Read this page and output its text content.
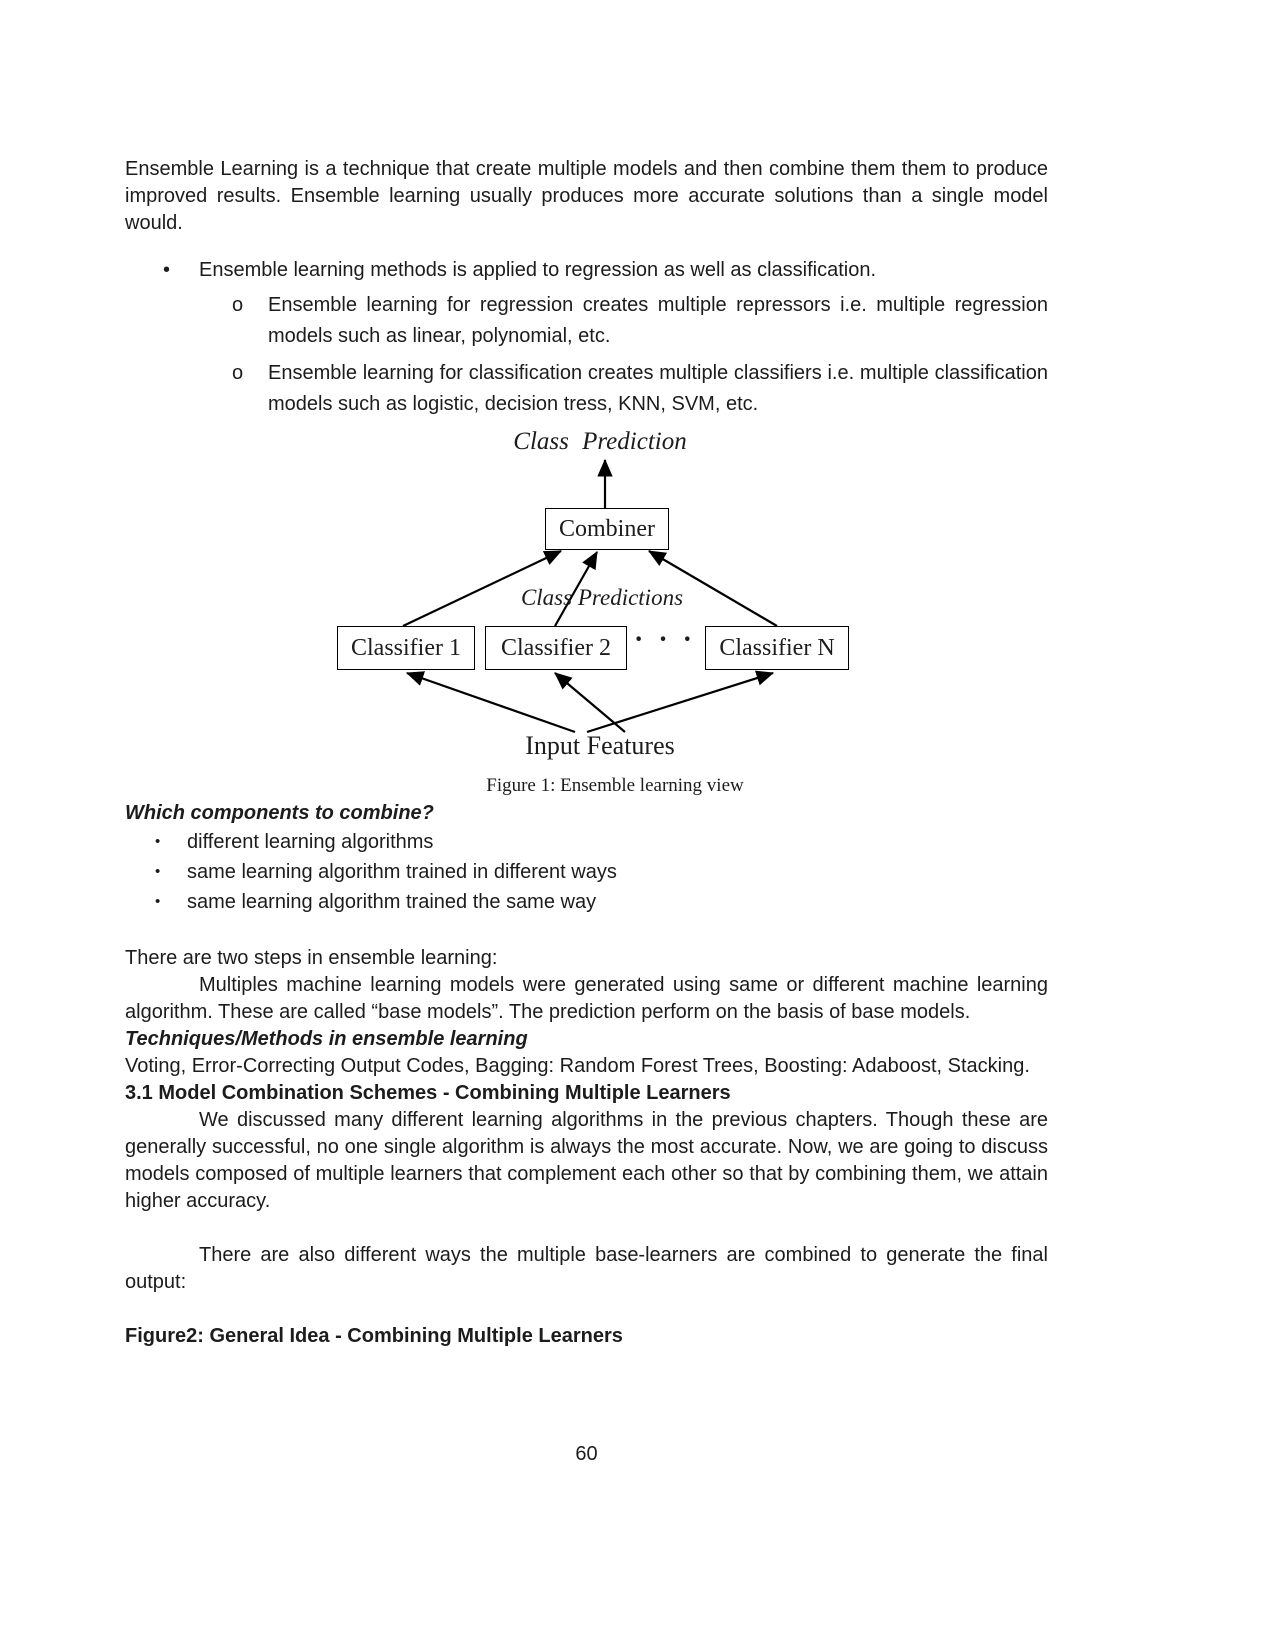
Ensemble Learning is a technique that create multiple models and then combine them them to produce improved results. Ensemble learning usually produces more accurate solutions than a single model would.

•	Ensemble learning methods is applied to regression as well as classification.
o	Ensemble learning for regression creates multiple repressors i.e. multiple regression models such as linear, polynomial, etc.
o	Ensemble learning for classification creates multiple classifiers i.e. multiple classification models such as logistic, decision tress, KNN, SVM, etc.
Class Prediction
Combiner
Class Predictions
Classifier 1	Classifier 2 · · · Classifier N
Input Features
Figure 1: Ensemble learning view
Which components to combine?
•	different learning algorithms
•	same learning algorithm trained in different ways
•	same learning algorithm trained the same way

There are two steps in ensemble learning:

Multiples machine learning models were generated using same or different machine learning algorithm. These are called “base models”. The prediction perform on the basis of base models.

Techniques/Methods in ensemble learning
Voting, Error-Correcting Output Codes, Bagging: Random Forest Trees, Boosting: Adaboost, Stacking.
3.1 Model Combination Schemes - Combining Multiple Learners

We discussed many different learning algorithms in the previous chapters. Though these are generally successful, no one single algorithm is always the most accurate. Now, we are going to discuss models composed of multiple learners that complement each other so that by combining them, we attain higher accuracy.

There are also different ways the multiple base-learners are combined to generate the final output:

Figure2: General Idea - Combining Multiple Learners
60
